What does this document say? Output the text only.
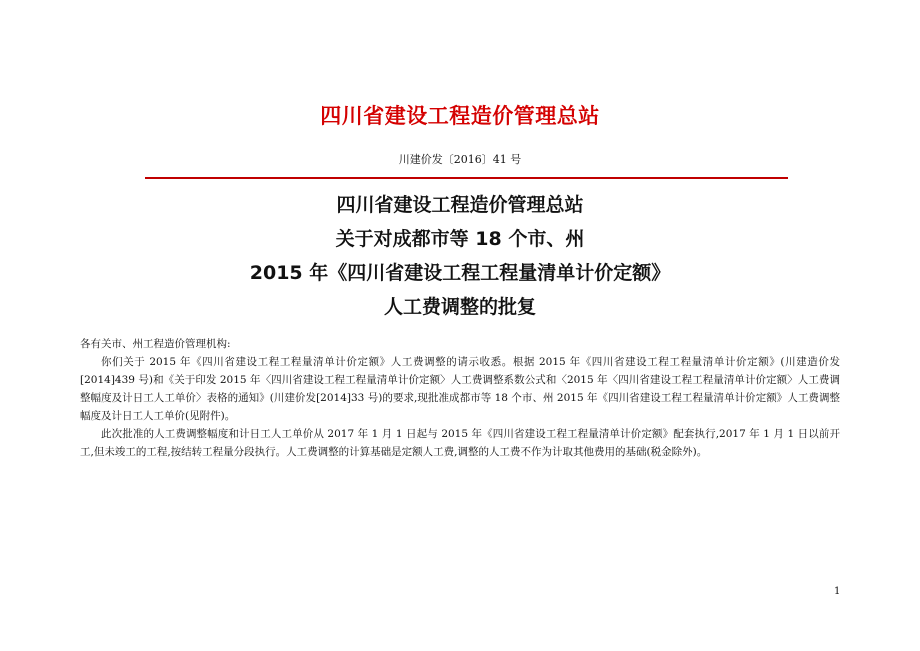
四川省建设工程造价管理总站
川建价发〔2016〕41 号
四川省建设工程造价管理总站
关于对成都市等 18 个市、州
2015 年《四川省建设工程工程量清单计价定额》
人工费调整的批复

各有关市、州工程造价管理机构:

你们关于 2015 年《四川省建设工程工程量清单计价定额》人工费调整的请示收悉。根据 2015 年《四川省建设工程工程量清单计价定额》(川建造价发[2014]439 号)和《关于印发 2015 年〈四川省建设工程工程量清单计价定额〉人工费调整系数公式和〈2015 年〈四川省建设工程工程量清单计价定额〉人工费调整幅度及计日工人工单价〉表格的通知》(川建价发[2014]33 号)的要求,现批准成都市等 18 个市、州 2015 年《四川省建设工程工程量清单计价定额》人工费调整幅度及计日工人工单价(见附件)。

此次批准的人工费调整幅度和计日工人工单价从 2017 年 1 月 1 日起与 2015 年《四川省建设工程工程量清单计价定额》配套执行,2017 年 1 月 1 日以前开工,但未竣工的工程,按结转工程量分段执行。人工费调整的计算基础是定额人工费,调整的人工费不作为计取其他费用的基础(税金除外)。

1
